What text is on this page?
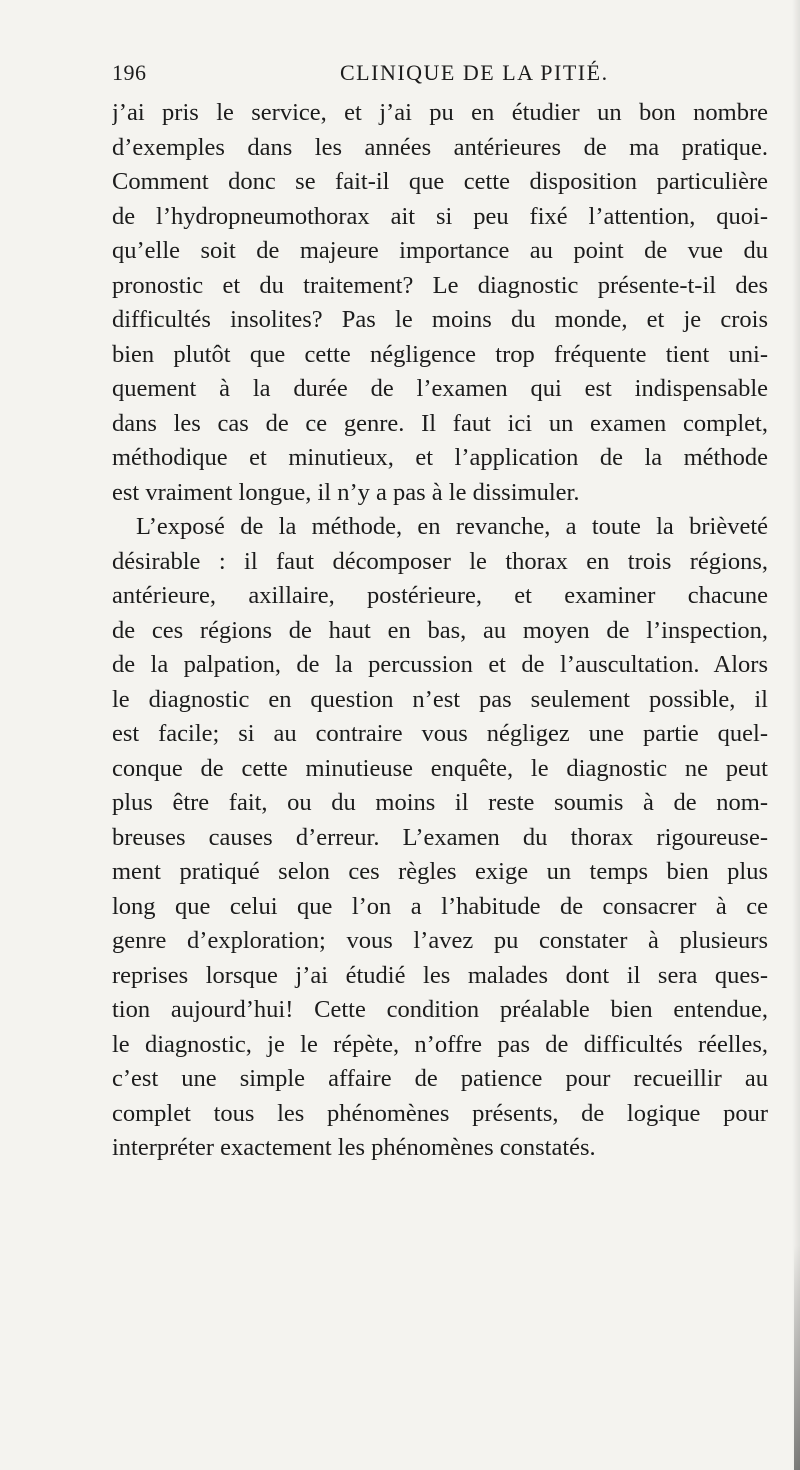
196	CLINIQUE DE LA PITIÉ.
j’ai pris le service, et j’ai pu en étudier un bon nombre
d’exemples dans les années antérieures de ma pratique.
Comment donc se fait-il que cette disposition particulière
de l’hydropneumothorax ait si peu fixé l’attention, quoi-
qu’elle soit de majeure importance au point de vue du
pronostic et du traitement? Le diagnostic présente-t-il des
difficultés insolites? Pas le moins du monde, et je crois
bien plutôt que cette négligence trop fréquente tient uni-
quement à la durée de l’examen qui est indispensable
dans les cas de ce genre. Il faut ici un examen complet,
méthodique et minutieux, et l’application de la méthode
est vraiment longue, il n’y a pas à le dissimuler.
L’exposé de la méthode, en revanche, a toute la brièveté
désirable : il faut décomposer le thorax en trois régions,
antérieure, axillaire, postérieure, et examiner chacune
de ces régions de haut en bas, au moyen de l’inspection,
de la palpation, de la percussion et de l’auscultation. Alors
le diagnostic en question n’est pas seulement possible, il
est facile; si au contraire vous négligez une partie quel-
conque de cette minutieuse enquête, le diagnostic ne peut
plus être fait, ou du moins il reste soumis à de nom-
breuses causes d’erreur. L’examen du thorax rigoureuse-
ment pratiqué selon ces règles exige un temps bien plus
long que celui que l’on a l’habitude de consacrer à ce
genre d’exploration; vous l’avez pu constater à plusieurs
reprises lorsque j’ai étudié les malades dont il sera ques-
tion aujourd’hui! Cette condition préalable bien entendue,
le diagnostic, je le répète, n’offre pas de difficultés réelles,
c’est une simple affaire de patience pour recueillir au
complet tous les phénomènes présents, de logique pour
interpréter exactement les phénomènes constatés.
